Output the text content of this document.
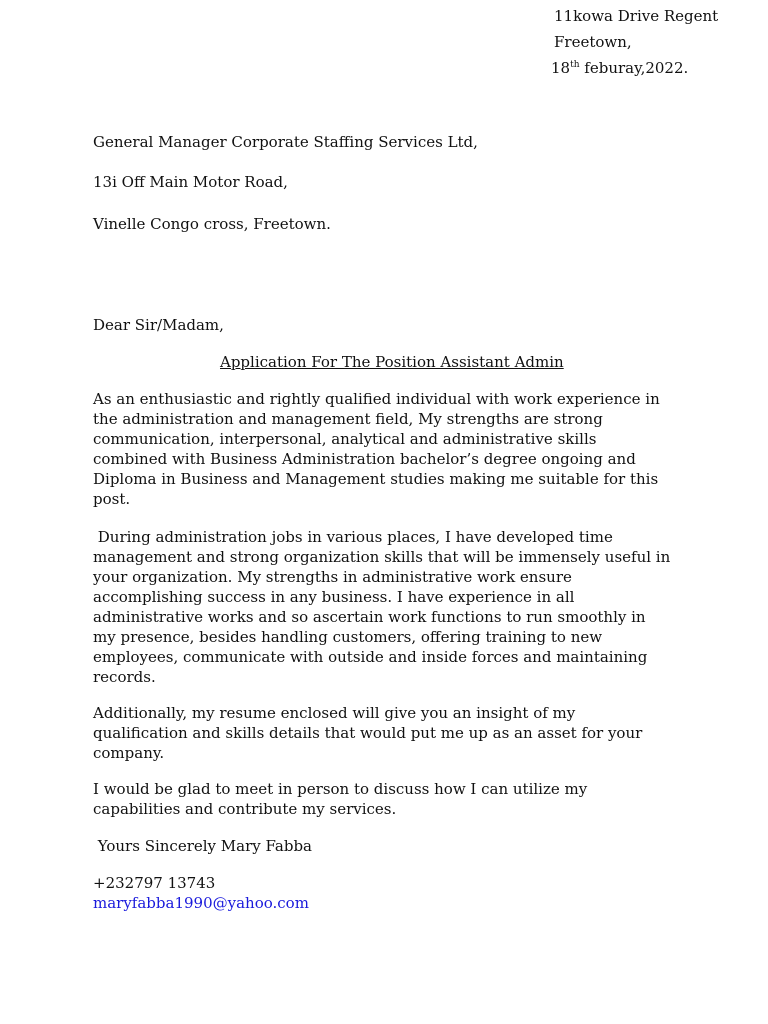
11kowa Drive Regent
Freetown,
18th feburay,2022.
General Manager Corporate Staffing Services Ltd,
13i Off Main Motor Road,
Vinelle Congo cross, Freetown.
Dear Sir/Madam,
Application For The Position Assistant Admin
As an enthusiastic and rightly qualified individual with work experience in
the administration and management field, My strengths are strong
communication, interpersonal, analytical and administrative skills
combined with Business Administration bachelor’s degree ongoing and
Diploma in Business and Management studies making me suitable for this
post.
During administration jobs in various places, I have developed time
management and strong organization skills that will be immensely useful in
your organization. My strengths in administrative work ensure
accomplishing success in any business. I have experience in all
administrative works and so ascertain work functions to run smoothly in
my presence, besides handling customers, offering training to new
employees, communicate with outside and inside forces and maintaining
records.
Additionally, my resume enclosed will give you an insight of my
qualification and skills details that would put me up as an asset for your
company.
I would be glad to meet in person to discuss how I can utilize my
capabilities and contribute my services.
Yours Sincerely Mary Fabba
+232797 13743
maryfabba1990@yahoo.com
